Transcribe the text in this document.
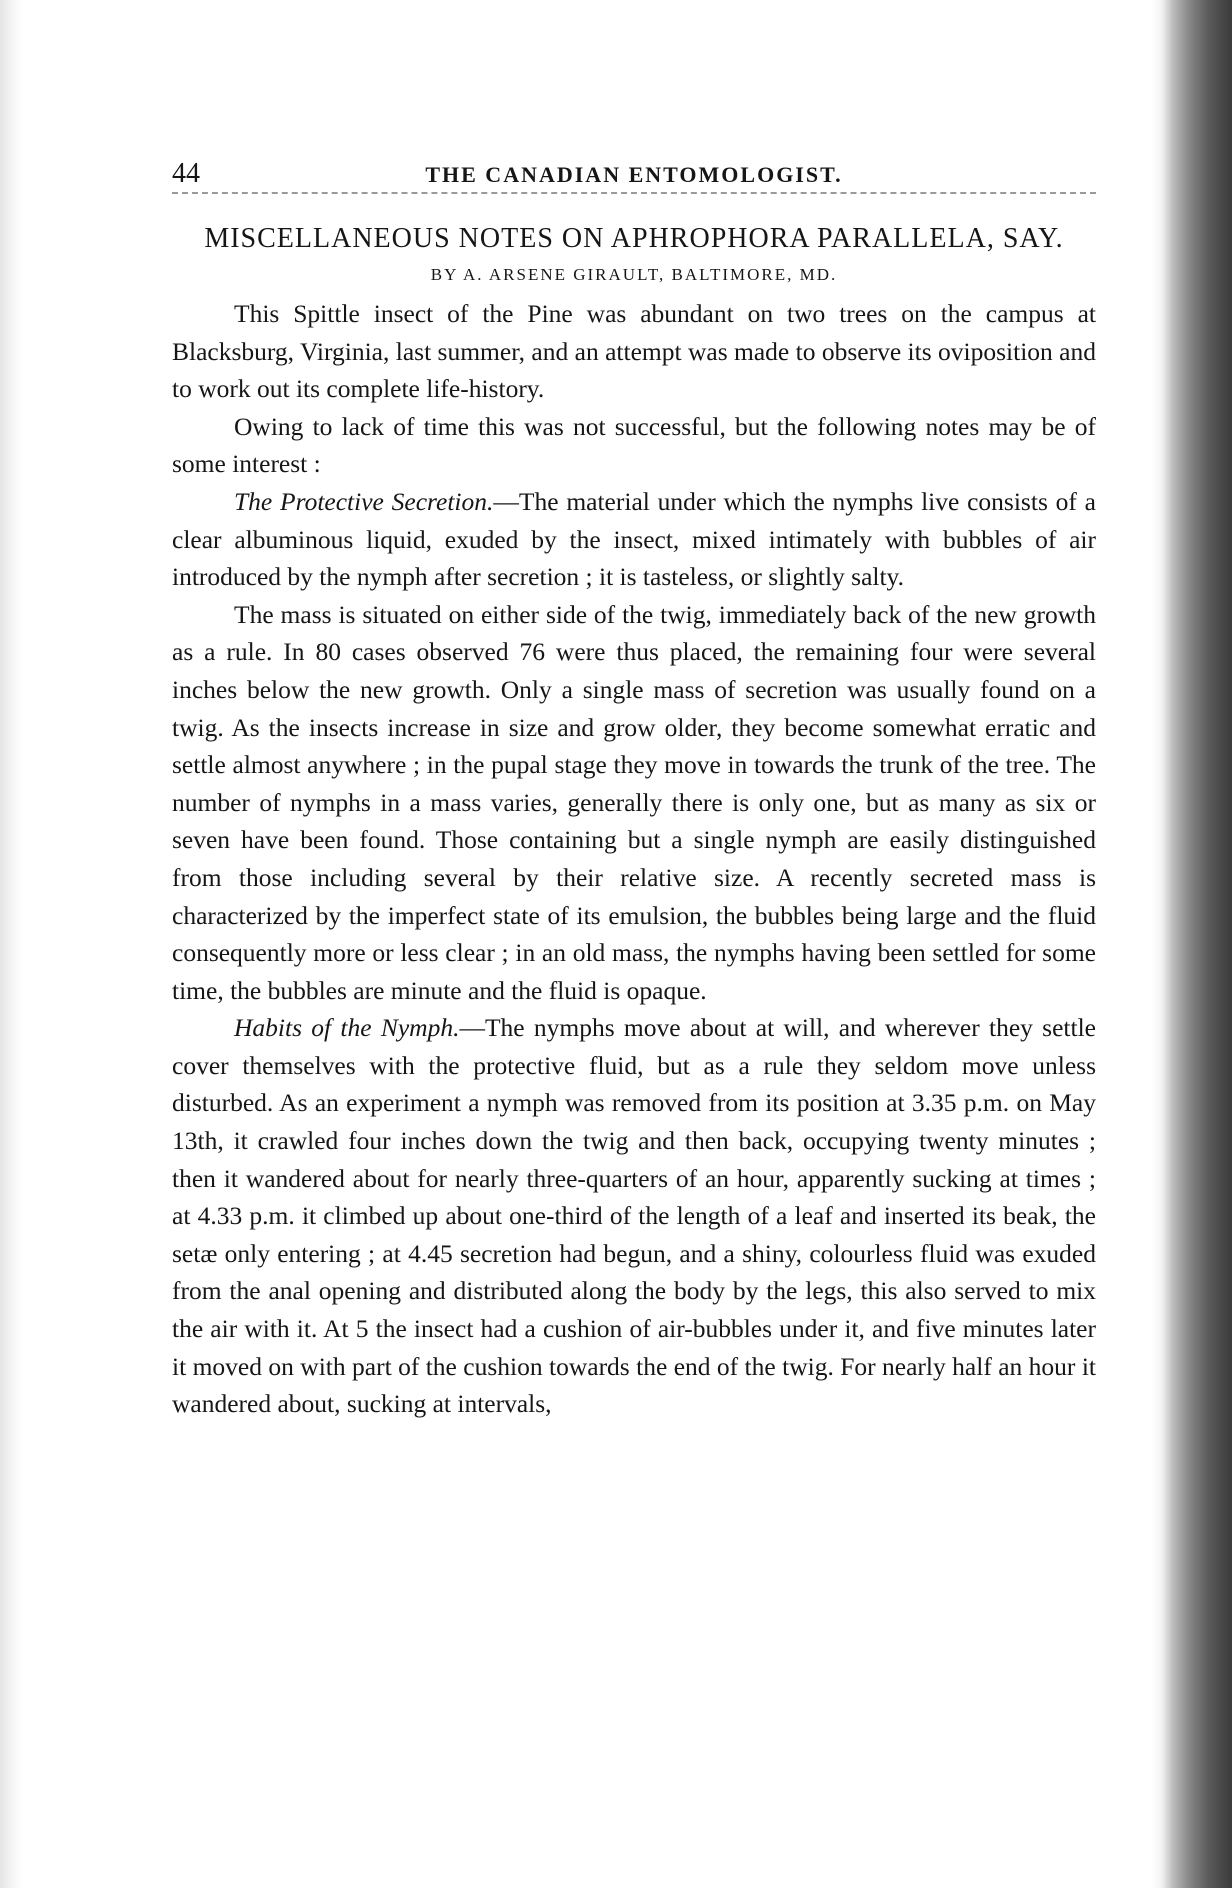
44	THE CANADIAN ENTOMOLOGIST.
MISCELLANEOUS NOTES ON APHROPHORA PARALLELA, SAY.
BY A. ARSENE GIRAULT, BALTIMORE, MD.

This Spittle insect of the Pine was abundant on two trees on the campus at Blacksburg, Virginia, last summer, and an attempt was made to observe its oviposition and to work out its complete life-history.

Owing to lack of time this was not successful, but the following notes may be of some interest :

The Protective Secretion.—The material under which the nymphs live consists of a clear albuminous liquid, exuded by the insect, mixed intimately with bubbles of air introduced by the nymph after secretion ; it is tasteless, or slightly salty.

The mass is situated on either side of the twig, immediately back of the new growth as a rule. In 80 cases observed 76 were thus placed, the remaining four were several inches below the new growth. Only a single mass of secretion was usually found on a twig. As the insects increase in size and grow older, they become somewhat erratic and settle almost anywhere ; in the pupal stage they move in towards the trunk of the tree. The number of nymphs in a mass varies, generally there is only one, but as many as six or seven have been found. Those containing but a single nymph are easily distinguished from those including several by their relative size. A recently secreted mass is characterized by the imperfect state of its emulsion, the bubbles being large and the fluid consequently more or less clear ; in an old mass, the nymphs having been settled for some time, the bubbles are minute and the fluid is opaque.

Habits of the Nymph.—The nymphs move about at will, and wherever they settle cover themselves with the protective fluid, but as a rule they seldom move unless disturbed. As an experiment a nymph was removed from its position at 3.35 p.m. on May 13th, it crawled four inches down the twig and then back, occupying twenty minutes ; then it wandered about for nearly three-quarters of an hour, apparently sucking at times ; at 4.33 p.m. it climbed up about one-third of the length of a leaf and inserted its beak, the setæ only entering ; at 4.45 secretion had begun, and a shiny, colourless fluid was exuded from the anal opening and distributed along the body by the legs, this also served to mix the air with it. At 5 the insect had a cushion of air-bubbles under it, and five minutes later it moved on with part of the cushion towards the end of the twig. For nearly half an hour it wandered about, sucking at intervals,
